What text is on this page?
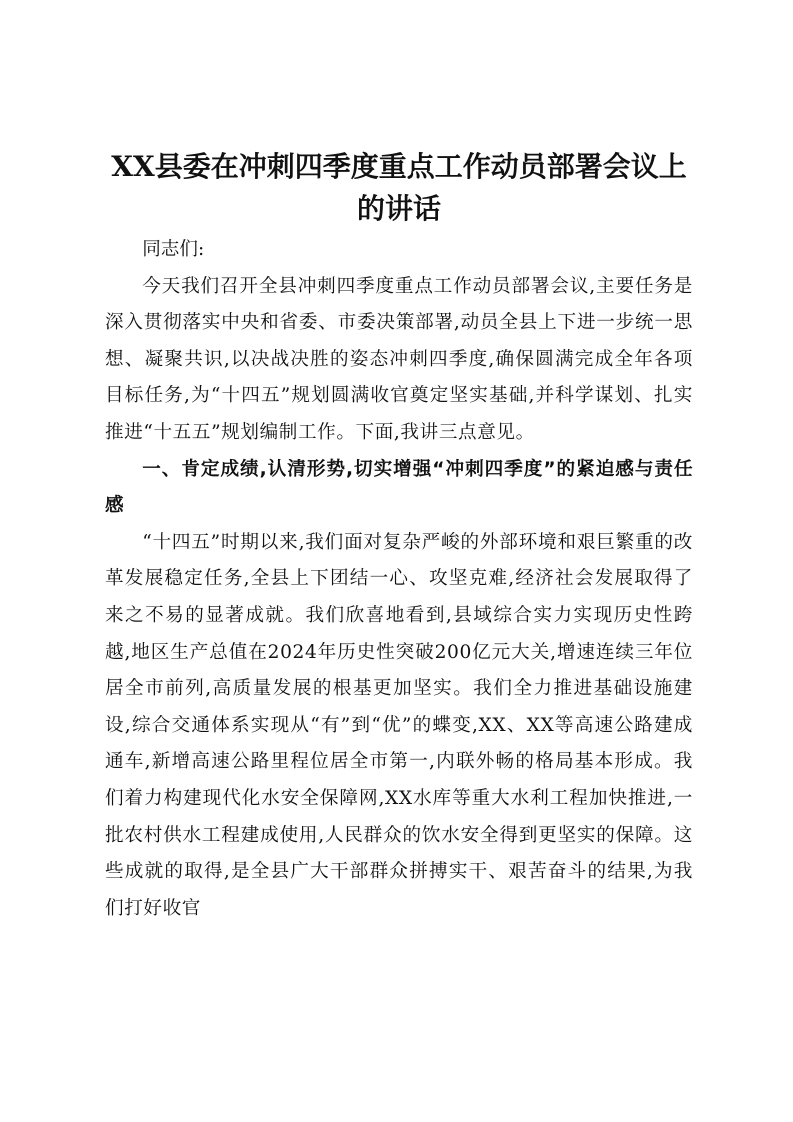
XX县委在冲刺四季度重点工作动员部署会议上的讲话

同志们:

今天我们召开全县冲刺四季度重点工作动员部署会议,主要任务是深入贯彻落实中央和省委、市委决策部署,动员全县上下进一步统一思想、凝聚共识,以决战决胜的姿态冲刺四季度,确保圆满完成全年各项目标任务,为“十四五”规划圆满收官奠定坚实基础,并科学谋划、扎实推进“十五五”规划编制工作。下面,我讲三点意见。

一、肯定成绩,认清形势,切实增强“冲刺四季度”的紧迫感与责任感

“十四五”时期以来,我们面对复杂严峻的外部环境和艰巨繁重的改革发展稳定任务,全县上下团结一心、攻坚克难,经济社会发展取得了来之不易的显著成就。我们欣喜地看到,县域综合实力实现历史性跨越,地区生产总值在2024年历史性突破200亿元大关,增速连续三年位居全市前列,高质量发展的根基更加坚实。我们全力推进基础设施建设,综合交通体系实现从“有”到“优”的蝶变,XX、XX等高速公路建成通车,新增高速公路里程位居全市第一,内联外畅的格局基本形成。我们着力构建现代化水安全保障网,XX水库等重大水利工程加快推进,一批农村供水工程建成使用,人民群众的饮水安全得到更坚实的保障。这些成就的取得,是全县广大干部群众拼搏实干、艰苦奋斗的结果,为我们打好收官
